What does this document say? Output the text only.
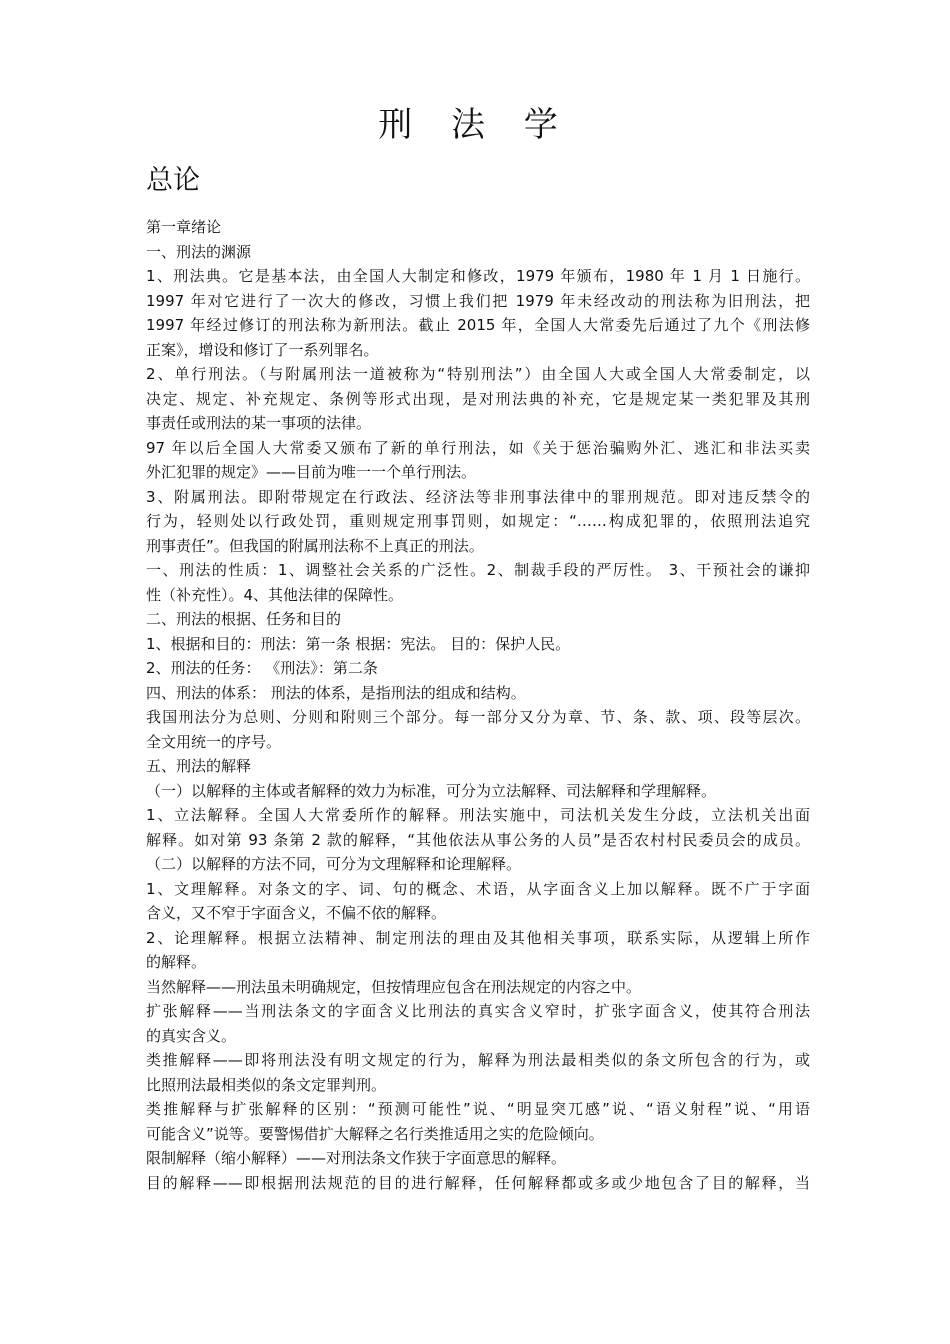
刑 法 学
总论

第一章绪论

一、刑法的渊源

1、刑法典。它是基本法，由全国人大制定和修改，1979 年颁布，1980 年 1 月 1 日施行。

1997 年对它进行了一次大的修改，习惯上我们把 1979 年未经改动的刑法称为旧刑法，把

1997 年经过修订的刑法称为新刑法。截止 2015 年，全国人大常委先后通过了九个《刑法修

正案》，增设和修订了一系列罪名。

2、单行刑法。（与附属刑法一道被称为“特别刑法”）由全国人大或全国人大常委制定，以

决定、规定、补充规定、条例等形式出现，是对刑法典的补充，它是规定某一类犯罪及其刑

事责任或刑法的某一事项的法律。

97 年以后全国人大常委又颁布了新的单行刑法，如《关于惩治骗购外汇、逃汇和非法买卖

外汇犯罪的规定》——目前为唯一一个单行刑法。

3、附属刑法。即附带规定在行政法、经济法等非刑事法律中的罪刑规范。即对违反禁令的

行为，轻则处以行政处罚，重则规定刑事罚则，如规定：“……构成犯罪的，依照刑法追究

刑事责任”。但我国的附属刑法称不上真正的刑法。

一、刑法的性质：1、调整社会关系的广泛性。2、制裁手段的严厉性。 3、干预社会的谦抑

性（补充性）。4、其他法律的保障性。

二、刑法的根据、任务和目的

1、根据和目的：刑法：第一条 根据：宪法。 目的：保护人民。

2、刑法的任务： 《刑法》：第二条

四、刑法的体系： 刑法的体系，是指刑法的组成和结构。

我国刑法分为总则、分则和附则三个部分。每一部分又分为章、节、条、款、项、段等层次。

全文用统一的序号。

五、刑法的解释

（一）以解释的主体或者解释的效力为标准，可分为立法解释、司法解释和学理解释。

1、立法解释。全国人大常委所作的解释。刑法实施中，司法机关发生分歧，立法机关出面

解释。如对第 93 条第 2 款的解释，“其他依法从事公务的人员”是否农村村民委员会的成员。

（二）以解释的方法不同，可分为文理解释和论理解释。

1、文理解释。对条文的字、词、句的概念、术语，从字面含义上加以解释。既不广于字面

含义，又不窄于字面含义，不偏不依的解释。

2、论理解释。根据立法精神、制定刑法的理由及其他相关事项，联系实际，从逻辑上所作

的解释。

当然解释——刑法虽未明确规定，但按情理应包含在刑法规定的内容之中。

扩张解释——当刑法条文的字面含义比刑法的真实含义窄时，扩张字面含义，使其符合刑法

的真实含义。

类推解释——即将刑法没有明文规定的行为，解释为刑法最相类似的条文所包含的行为，或

比照刑法最相类似的条文定罪判刑。

类推解释与扩张解释的区别：“预测可能性”说、“明显突兀感”说、“语义射程”说、“用语

可能含义”说等。要警惕借扩大解释之名行类推适用之实的危险倾向。

限制解释（缩小解释）——对刑法条文作狭于字面意思的解释。

目的解释——即根据刑法规范的目的进行解释，任何解释都或多或少地包含了目的解释，当
